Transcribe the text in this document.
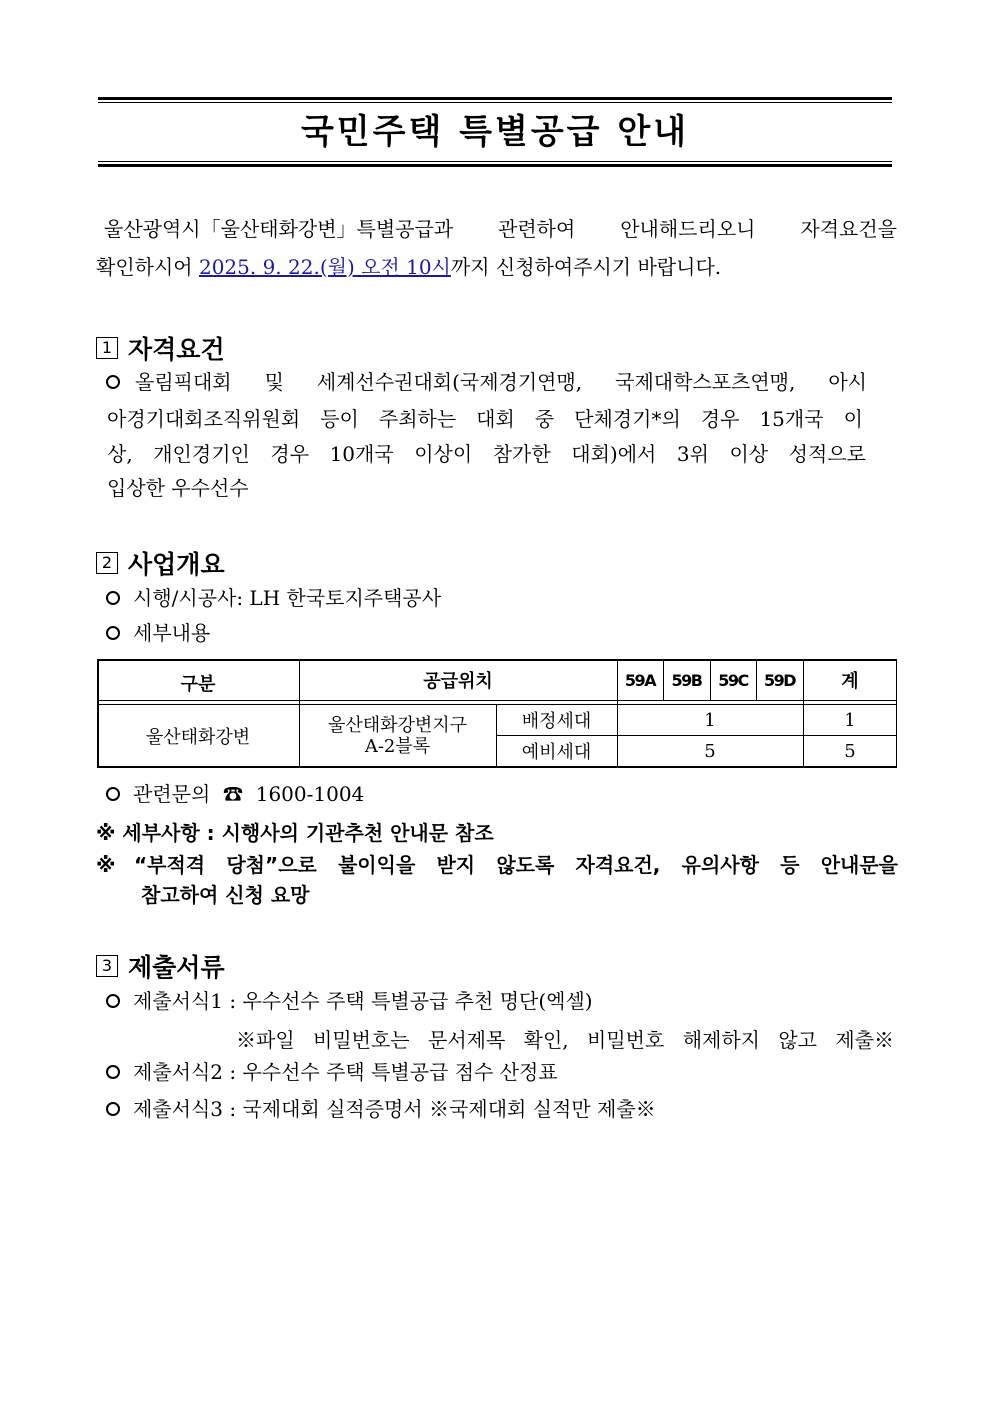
국민주택 특별공급 안내
울산광역시「울산태화강변」특별공급과 관련하여 안내해드리오니 자격요건을
확인하시어 2025. 9. 22.(월) 오전 10시까지 신청하여주시기 바랍니다.
1 자격요건
올림픽대회 및 세계선수권대회(국제경기연맹, 국제대학스포츠연맹, 아시
아경기대회조직위원회 등이 주최하는 대회 중 단체경기*의 경우 15개국 이
상, 개인경기인 경우 10개국 이상이 참가한 대회)에서 3위 이상 성적으로
입상한 우수선수
2 사업개요
시행/시공사: LH 한국토지주택공사
세부내용
구분	공급위치	59A	59B	59C	59D	계
울산태화강변
울산태화강변지구
A-2블록
배정세대	1	1
예비세대	5	5
관련문의 ☎ 1600-1004
※ 세부사항 : 시행사의 기관추천 안내문 참조
※ “부적격 당첨”으로 불이익을 받지 않도록 자격요건, 유의사항 등 안내문을
참고하여 신청 요망
3 제출서류
제출서식1 : 우수선수 주택 특별공급 추천 명단(엑셀)
※파일 비밀번호는 문서제목 확인, 비밀번호 해제하지 않고 제출※
제출서식2 : 우수선수 주택 특별공급 점수 산정표
제출서식3 : 국제대회 실적증명서 ※국제대회 실적만 제출※
